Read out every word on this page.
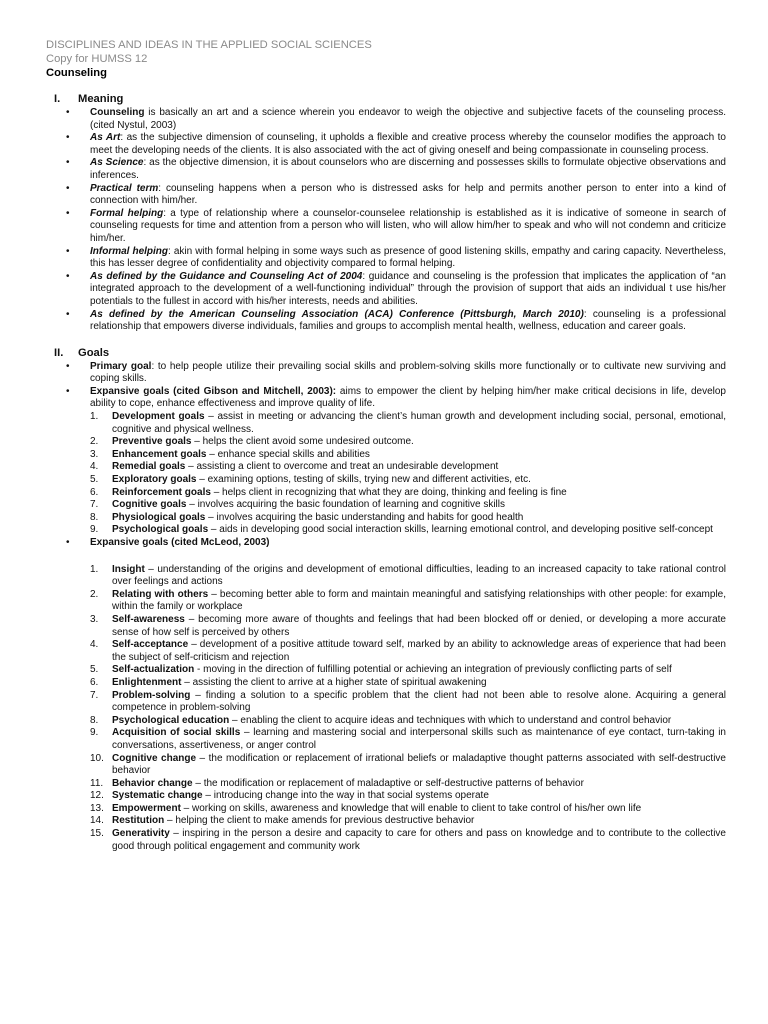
DISCIPLINES AND IDEAS IN THE APPLIED SOCIAL SCIENCES
Copy for HUMSS 12
Counseling
I. Meaning
• Counseling is basically an art and a science wherein you endeavor to weigh the objective and subjective facets of the counseling process. (cited Nystul, 2003)
• As Art: as the subjective dimension of counseling, it upholds a flexible and creative process whereby the counselor modifies the approach to meet the developing needs of the clients. It is also associated with the act of giving oneself and being compassionate in counseling process.
• As Science: as the objective dimension, it is about counselors who are discerning and possesses skills to formulate objective observations and inferences.
• Practical term: counseling happens when a person who is distressed asks for help and permits another person to enter into a kind of connection with him/her.
• Formal helping: a type of relationship where a counselor-counselee relationship is established as it is indicative of someone in search of counseling requests for time and attention from a person who will listen, who will allow him/her to speak and who will not condemn and criticize him/her.
• Informal helping: akin with formal helping in some ways such as presence of good listening skills, empathy and caring capacity. Nevertheless, this has lesser degree of confidentiality and objectivity compared to formal helping.
• As defined by the Guidance and Counseling Act of 2004: guidance and counseling is the profession that implicates the application of “an integrated approach to the development of a well-functioning individual” through the provision of support that aids an individual t use his/her potentials to the fullest in accord with his/her interests, needs and abilities.
• As defined by the American Counseling Association (ACA) Conference (Pittsburgh, March 2010): counseling is a professional relationship that empowers diverse individuals, families and groups to accomplish mental health, wellness, education and career goals.
II. Goals
• Primary goal: to help people utilize their prevailing social skills and problem-solving skills more functionally or to cultivate new surviving and coping skills.
• Expansive goals (cited Gibson and Mitchell, 2003): aims to empower the client by helping him/her make critical decisions in life, develop ability to cope, enhance effectiveness and improve quality of life.
1.	Development goals – assist in meeting or advancing the client’s human growth and development including social, personal, emotional, cognitive and physical wellness.
2.	Preventive goals – helps the client avoid some undesired outcome.
3.	Enhancement goals – enhance special skills and abilities
4.	Remedial goals – assisting a client to overcome and treat an undesirable development
5.	Exploratory goals – examining options, testing of skills, trying new and different activities, etc.
6.	Reinforcement goals – helps client in recognizing that what they are doing, thinking and feeling is fine
7.	Cognitive goals – involves acquiring the basic foundation of learning and cognitive skills
8.	Physiological goals – involves acquiring the basic understanding and habits for good health
9.	Psychological goals – aids in developing good social interaction skills, learning emotional control, and developing positive self-concept
• Expansive goals (cited McLeod, 2003)
1.	Insight – understanding of the origins and development of emotional difficulties, leading to an increased capacity to take rational control over feelings and actions
2.	Relating with others – becoming better able to form and maintain meaningful and satisfying relationships with other people: for example, within the family or workplace
3.	Self-awareness – becoming more aware of thoughts and feelings that had been blocked off or denied, or developing a more accurate sense of how self is perceived by others
4.	Self-acceptance – development of a positive attitude toward self, marked by an ability to acknowledge areas of experience that had been the subject of self-criticism and rejection
5.	Self-actualization - moving in the direction of fulfilling potential or achieving an integration of previously conflicting parts of self
6.	Enlightenment – assisting the client to arrive at a higher state of spiritual awakening
7.	Problem-solving – finding a solution to a specific problem that the client had not been able to resolve alone. Acquiring a general competence in problem-solving
8.	Psychological education – enabling the client to acquire ideas and techniques with which to understand and control behavior
9.	Acquisition of social skills – learning and mastering social and interpersonal skills such as maintenance of eye contact, turn-taking in conversations, assertiveness, or anger control
10. Cognitive change – the modification or replacement of irrational beliefs or maladaptive thought patterns associated with self-destructive behavior
11. Behavior change – the modification or replacement of maladaptive or self-destructive patterns of behavior
12. Systematic change – introducing change into the way in that social systems operate
13. Empowerment – working on skills, awareness and knowledge that will enable to client to take control of his/her own life
14. Restitution – helping the client to make amends for previous destructive behavior
15. Generativity – inspiring in the person a desire and capacity to care for others and pass on knowledge and to contribute to the collective good through political engagement and community work
